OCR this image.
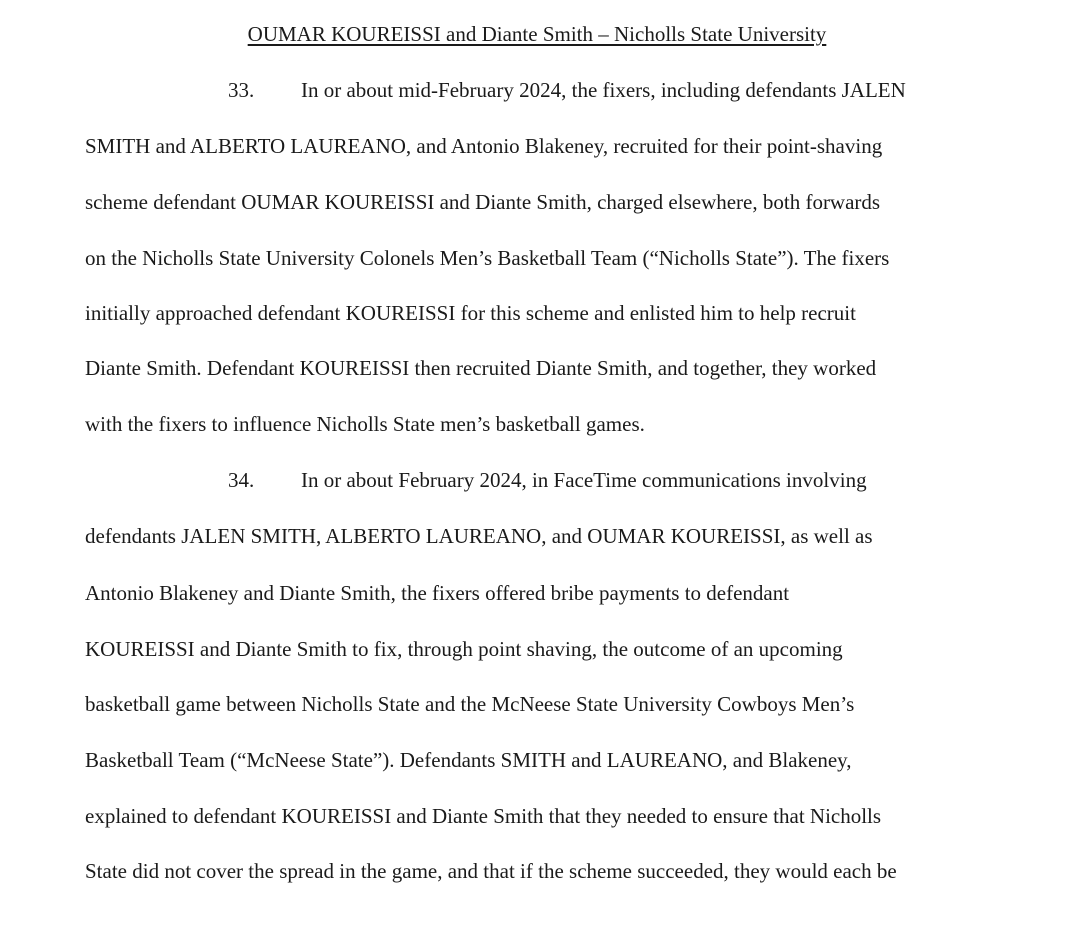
OUMAR KOUREISSI and Diante Smith – Nicholls State University
33. In or about mid-February 2024, the fixers, including defendants JALEN
SMITH and ALBERTO LAUREANO, and Antonio Blakeney, recruited for their point-shaving
scheme defendant OUMAR KOUREISSI and Diante Smith, charged elsewhere, both forwards
on the Nicholls State University Colonels Men’s Basketball Team (“Nicholls State”). The fixers
initially approached defendant KOUREISSI for this scheme and enlisted him to help recruit
Diante Smith. Defendant KOUREISSI then recruited Diante Smith, and together, they worked
with the fixers to influence Nicholls State men’s basketball games.
34. In or about February 2024, in FaceTime communications involving
defendants JALEN SMITH, ALBERTO LAUREANO, and OUMAR KOUREISSI, as well as
Antonio Blakeney and Diante Smith, the fixers offered bribe payments to defendant
KOUREISSI and Diante Smith to fix, through point shaving, the outcome of an upcoming
basketball game between Nicholls State and the McNeese State University Cowboys Men’s
Basketball Team (“McNeese State”). Defendants SMITH and LAUREANO, and Blakeney,
explained to defendant KOUREISSI and Diante Smith that they needed to ensure that Nicholls
State did not cover the spread in the game, and that if the scheme succeeded, they would each be
